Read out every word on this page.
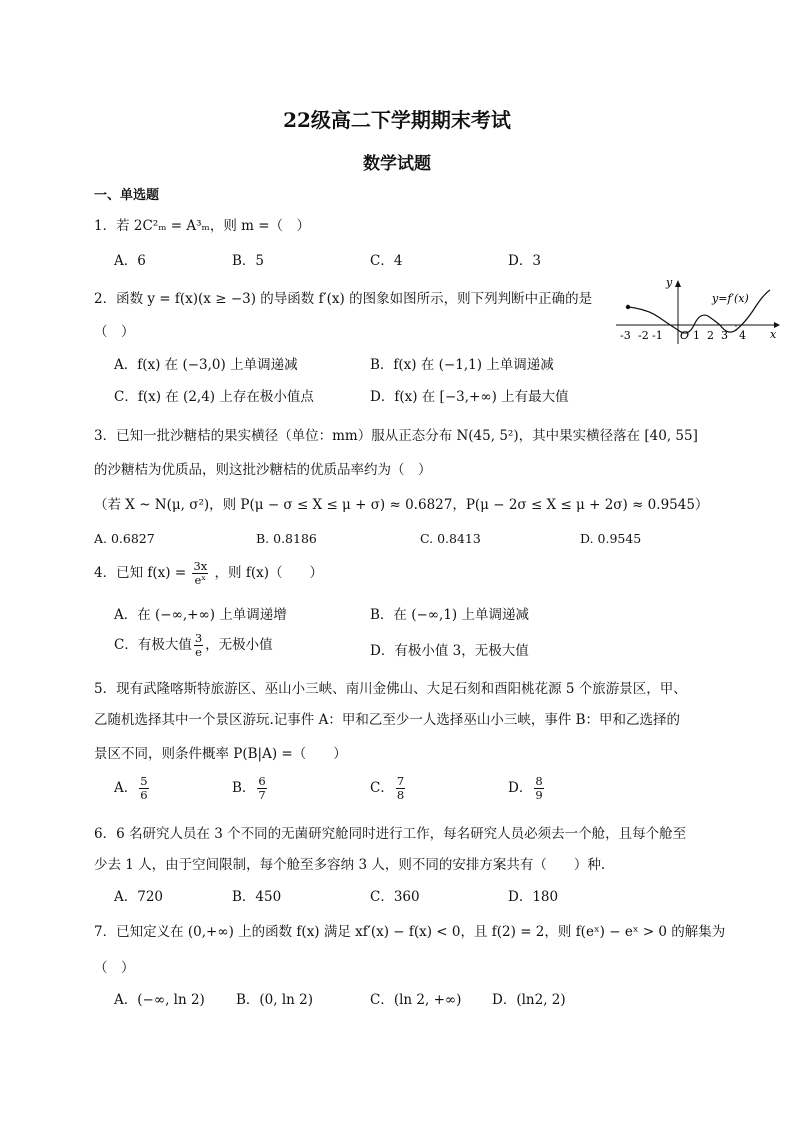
22级高二下学期期末考试
数学试题
一、单选题
1．若 2C²ₘ = A³ₘ，则 m =（　）
A．6	B．5	C．4	D．3
2．函数 y = f(x)(x ≥ −3) 的导函数 f′(x) 的图象如图所示，则下列判断中正确的是
（　）
A．f(x) 在 (−3,0) 上单调递减	B．f(x) 在 (−1,1) 上单调递减
C．f(x) 在 (2,4) 上存在极小值点	D．f(x) 在 [−3,+∞) 上有最大值
y
x
y=f′(x)
-3 -2 -1 O 1 2 3 4
3．已知一批沙糖桔的果实横径（单位：mm）服从正态分布 N(45, 5²)，其中果实横径落在 [40, 55]
的沙糖桔为优质品，则这批沙糖桔的优质品率约为（　）
（若 X ~ N(μ, σ²)，则 P(μ − σ ≤ X ≤ μ + σ) ≈ 0.6827，P(μ − 2σ ≤ X ≤ μ + 2σ) ≈ 0.9545）
A. 0.6827	B. 0.8186	C. 0.8413	D. 0.9545
4．已知 $f(x) = \frac{3x}{\text{eˣ}}$ ，则 f(x)（　　）
A．在 (−∞,+∞) 上单调递增	B．在 (−∞,1) 上单调递减
C．有极大值 $\frac{3}{e}$ ，无极小值	D．有极小值 3，无极大值
5．现有武隆喀斯特旅游区、巫山小三峡、南川金佛山、大足石刻和酉阳桃花源 5 个旅游景区，甲、
乙随机选择其中一个景区游玩.记事件 A：甲和乙至少一人选择巫山小三峡，事件 B：甲和乙选择的
景区不同，则条件概率 P(B|A) =（　　）
A． $\frac{5}{6}$	B． $\frac{6}{7}$	C． $\frac{7}{8}$	D． $\frac{8}{9}$
6．6 名研究人员在 3 个不同的无菌研究舱同时进行工作，每名研究人员必须去一个舱，且每个舱至
少去 1 人，由于空间限制，每个舱至多容纳 3 人，则不同的安排方案共有（　　）种.
A．720	B．450	C．360	D．180
7．已知定义在 (0,+∞) 上的函数 f(x) 满足 xf′(x) − f(x) < 0，且 f(2) = 2，则 f(eˣ) − eˣ > 0 的解集为
（　）
A．(−∞, ln 2) B．(0, ln 2)	C．(ln 2, +∞) D．(ln2, 2)
